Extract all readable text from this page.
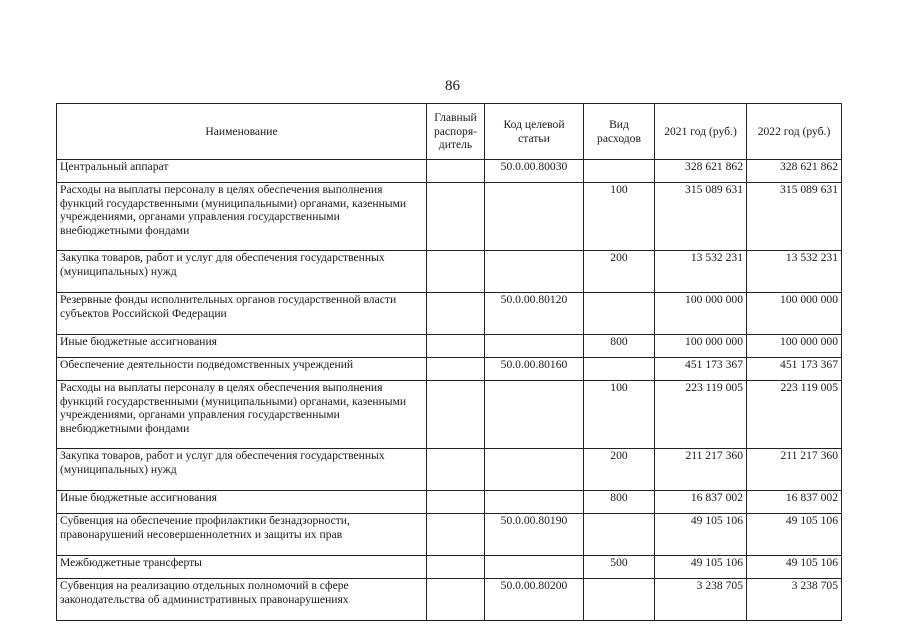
86
Наименование	Главный распоря-дитель	Код целевой статьи	Вид расходов	2021 год (руб.)	2022 год (руб.)
Центральный аппарат		50.0.00.80030		328 621 862	328 621 862
Расходы на выплаты персоналу в целях обеспечения выполнения функций государственными (муниципальными) органами, казенными учреждениями, органами управления государственными внебюджетными фондами			100	315 089 631	315 089 631
Закупка товаров, работ и услуг для обеспечения государственных (муниципальных) нужд			200	13 532 231	13 532 231
Резервные фонды исполнительных органов государственной власти субъектов Российской Федерации		50.0.00.80120		100 000 000	100 000 000
Иные бюджетные ассигнования			800	100 000 000	100 000 000
Обеспечение деятельности подведомственных учреждений		50.0.00.80160		451 173 367	451 173 367
Расходы на выплаты персоналу в целях обеспечения выполнения функций государственными (муниципальными) органами, казенными учреждениями, органами управления государственными внебюджетными фондами			100	223 119 005	223 119 005
Закупка товаров, работ и услуг для обеспечения государственных (муниципальных) нужд			200	211 217 360	211 217 360
Иные бюджетные ассигнования			800	16 837 002	16 837 002
Субвенция на обеспечение профилактики безнадзорности, правонарушений несовершеннолетних и защиты их прав		50.0.00.80190		49 105 106	49 105 106
Межбюджетные трансферты			500	49 105 106	49 105 106
Субвенция на реализацию отдельных полномочий в сфере законодательства об административных правонарушениях		50.0.00.80200		3 238 705	3 238 705
